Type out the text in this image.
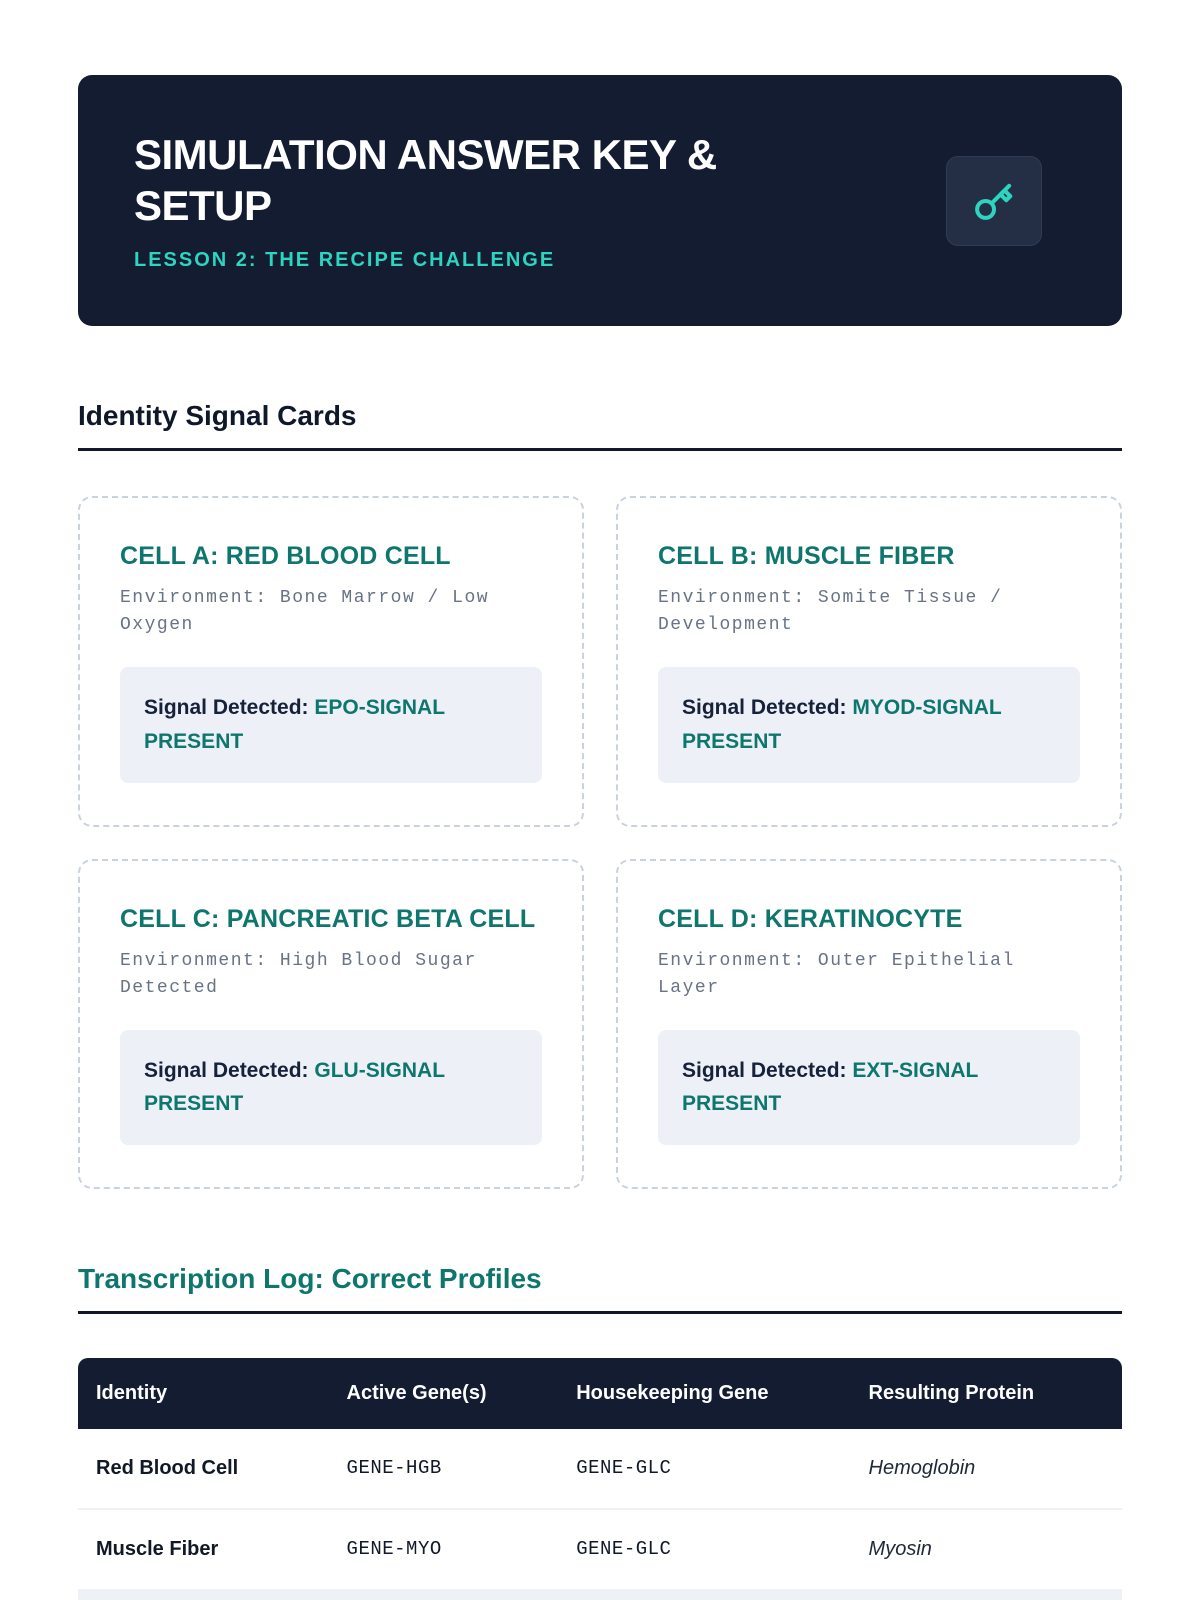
SIMULATION ANSWER KEY & SETUP
LESSON 2: THE RECIPE CHALLENGE
Identity Signal Cards
CELL A: RED BLOOD CELL
Environment: Bone Marrow / Low Oxygen
Signal Detected: EPO-SIGNAL PRESENT
CELL B: MUSCLE FIBER
Environment: Somite Tissue / Development
Signal Detected: MYOD-SIGNAL PRESENT
CELL C: PANCREATIC BETA CELL
Environment: High Blood Sugar Detected
Signal Detected: GLU-SIGNAL PRESENT
CELL D: KERATINOCYTE
Environment: Outer Epithelial Layer
Signal Detected: EXT-SIGNAL PRESENT
Transcription Log: Correct Profiles
Identity	Active Gene(s)	Housekeeping Gene	Resulting Protein
Red Blood Cell	GENE-HGB	GENE-GLC	Hemoglobin
Muscle Fiber	GENE-MYO	GENE-GLC	Myosin
